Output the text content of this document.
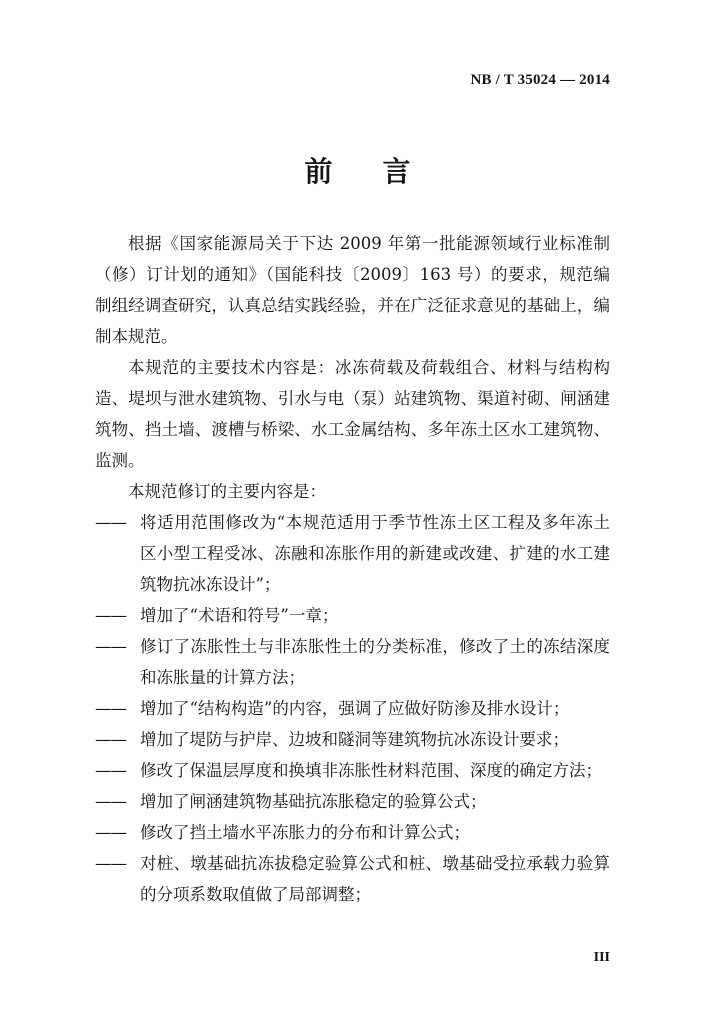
NB / T 35024 — 2014
前 言

根据《国家能源局关于下达 2009 年第一批能源领域行业标准制（修）订计划的通知》（国能科技〔2009〕163 号）的要求，规范编制组经调查研究，认真总结实践经验，并在广泛征求意见的基础上，编制本规范。

本规范的主要技术内容是：冰冻荷载及荷载组合、材料与结构构造、堤坝与泄水建筑物、引水与电（泵）站建筑物、渠道衬砌、闸涵建筑物、挡土墙、渡槽与桥梁、水工金属结构、多年冻土区水工建筑物、监测。

本规范修订的主要内容是：

—— 将适用范围修改为“本规范适用于季节性冻土区工程及多年冻土区小型工程受冰、冻融和冻胀作用的新建或改建、扩建的水工建筑物抗冰冻设计”；
—— 增加了“术语和符号”一章；
—— 修订了冻胀性土与非冻胀性土的分类标准，修改了土的冻结深度和冻胀量的计算方法；
—— 增加了“结构构造”的内容，强调了应做好防渗及排水设计；
—— 增加了堤防与护岸、边坡和隧洞等建筑物抗冰冻设计要求；
—— 修改了保温层厚度和换填非冻胀性材料范围、深度的确定方法；
—— 增加了闸涵建筑物基础抗冻胀稳定的验算公式；
—— 修改了挡土墙水平冻胀力的分布和计算公式；
—— 对桩、墩基础抗冻拔稳定验算公式和桩、墩基础受拉承载力验算的分项系数取值做了局部调整；
III
